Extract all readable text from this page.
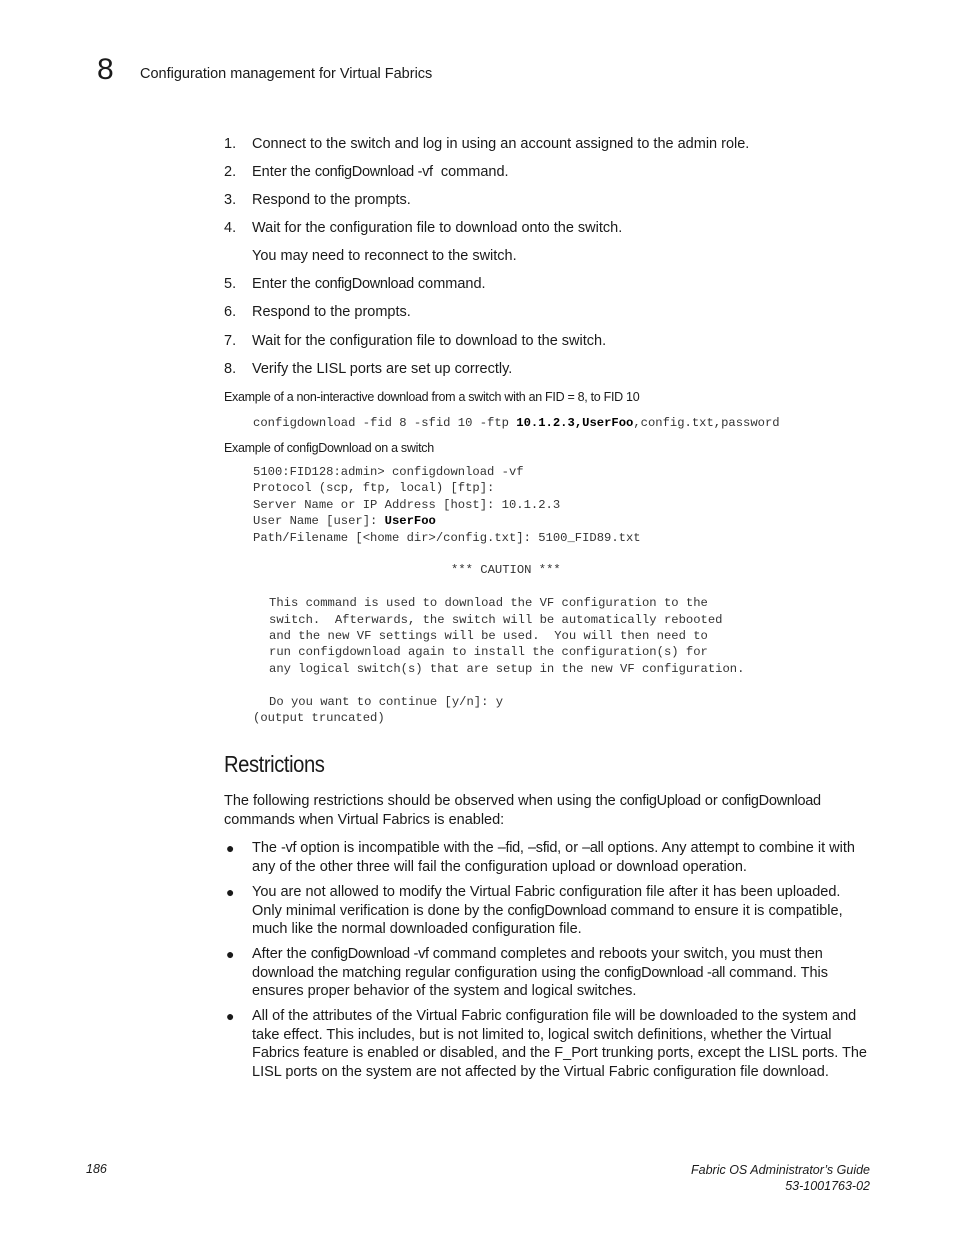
8 Configuration management for Virtual Fabrics
1. Connect to the switch and log in using an account assigned to the admin role.
2. Enter the configDownload -vf  command.
3. Respond to the prompts.
4. Wait for the configuration file to download onto the switch.
You may need to reconnect to the switch.
5. Enter the configDownload command.
6. Respond to the prompts.
7. Wait for the configuration file to download to the switch.
8. Verify the LISL ports are set up correctly.
Example of a non-interactive download from a switch with an FID = 8, to FID 10
configdownload -fid 8 -sfid 10 -ftp 10.1.2.3,UserFoo,config.txt,password
Example of configDownload on a switch
5100:FID128:admin> configdownload -vf
Protocol (scp, ftp, local) [ftp]:
Server Name or IP Address [host]: 10.1.2.3
User Name [user]: UserFoo
Path/Filename [<home dir>/config.txt]: 5100_FID89.txt

*** CAUTION ***

This command is used to download the VF configuration to the
switch.  Afterwards, the switch will be automatically rebooted
and the new VF settings will be used.  You will then need to
run configdownload again to install the configuration(s) for
any logical switch(s) that are setup in the new VF configuration.

Do you want to continue [y/n]: y
(output truncated)
Restrictions
The following restrictions should be observed when using the configUpload or configDownload commands when Virtual Fabrics is enabled:
● The -vf option is incompatible with the –fid, –sfid, or –all options. Any attempt to combine it with any of the other three will fail the configuration upload or download operation.
● You are not allowed to modify the Virtual Fabric configuration file after it has been uploaded. Only minimal verification is done by the configDownload command to ensure it is compatible, much like the normal downloaded configuration file.
● After the configDownload -vf command completes and reboots your switch, you must then download the matching regular configuration using the configDownload -all command. This ensures proper behavior of the system and logical switches.
● All of the attributes of the Virtual Fabric configuration file will be downloaded to the system and take effect. This includes, but is not limited to, logical switch definitions, whether the Virtual Fabrics feature is enabled or disabled, and the F_Port trunking ports, except the LISL ports. The LISL ports on the system are not affected by the Virtual Fabric configuration file download.
186	Fabric OS Administrator’s Guide
53-1001763-02
